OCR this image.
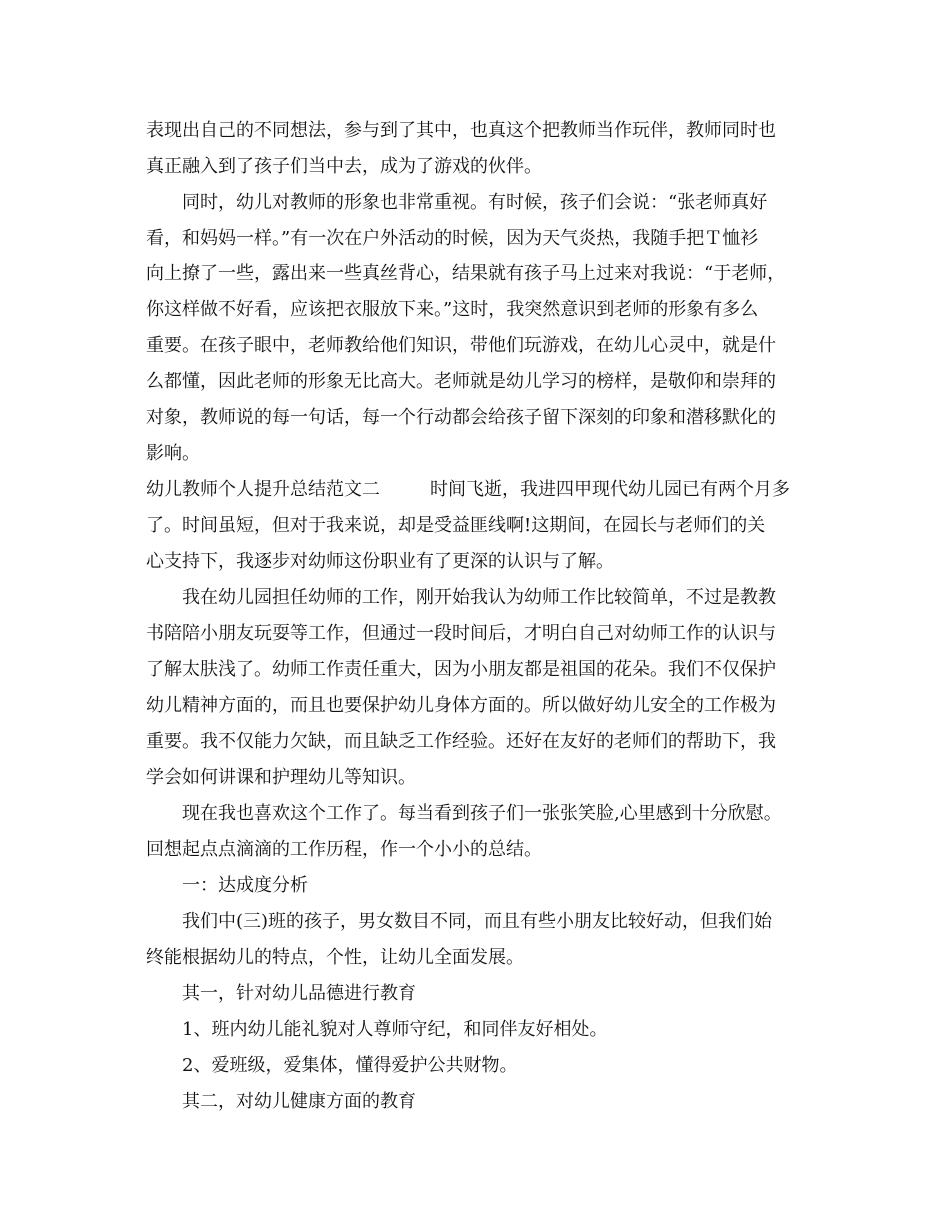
表现出自己的不同想法，参与到了其中，也真这个把教师当作玩伴，教师同时也

真正融入到了孩子们当中去，成为了游戏的伙伴。

同时，幼儿对教师的形象也非常重视。有时候，孩子们会说：“张老师真好

看，和妈妈一样。”有一次在户外活动的时候，因为天气炎热，我随手把Ｔ恤衫

向上撩了一些，露出来一些真丝背心，结果就有孩子马上过来对我说：“于老师，

你这样做不好看，应该把衣服放下来。”这时，我突然意识到老师的形象有多么

重要。在孩子眼中，老师教给他们知识，带他们玩游戏，在幼儿心灵中，就是什

么都懂，因此老师的形象无比高大。老师就是幼儿学习的榜样，是敬仰和崇拜的

对象，教师说的每一句话，每一个行动都会给孩子留下深刻的印象和潜移默化的

影响。

幼儿教师个人提升总结范文二	时间飞逝，我进四甲现代幼儿园已有两个月多

了。时间虽短，但对于我来说，却是受益匪线啊!这期间，在园长与老师们的关

心支持下，我逐步对幼师这份职业有了更深的认识与了解。

我在幼儿园担任幼师的工作，刚开始我认为幼师工作比较简单，不过是教教

书陪陪小朋友玩耍等工作，但通过一段时间后，才明白自己对幼师工作的认识与

了解太肤浅了。幼师工作责任重大，因为小朋友都是祖国的花朵。我们不仅保护

幼儿精神方面的，而且也要保护幼儿身体方面的。所以做好幼儿安全的工作极为

重要。我不仅能力欠缺，而且缺乏工作经验。还好在友好的老师们的帮助下，我

学会如何讲课和护理幼儿等知识。

现在我也喜欢这个工作了。每当看到孩子们一张张笑脸,心里感到十分欣慰。

回想起点点滴滴的工作历程，作一个小小的总结。

一：达成度分析

我们中(三)班的孩子，男女数目不同，而且有些小朋友比较好动，但我们始

终能根据幼儿的特点，个性，让幼儿全面发展。

其一，针对幼儿品德进行教育

1、班内幼儿能礼貌对人尊师守纪，和同伴友好相处。

2、爱班级，爱集体，懂得爱护公共财物。

其二，对幼儿健康方面的教育
